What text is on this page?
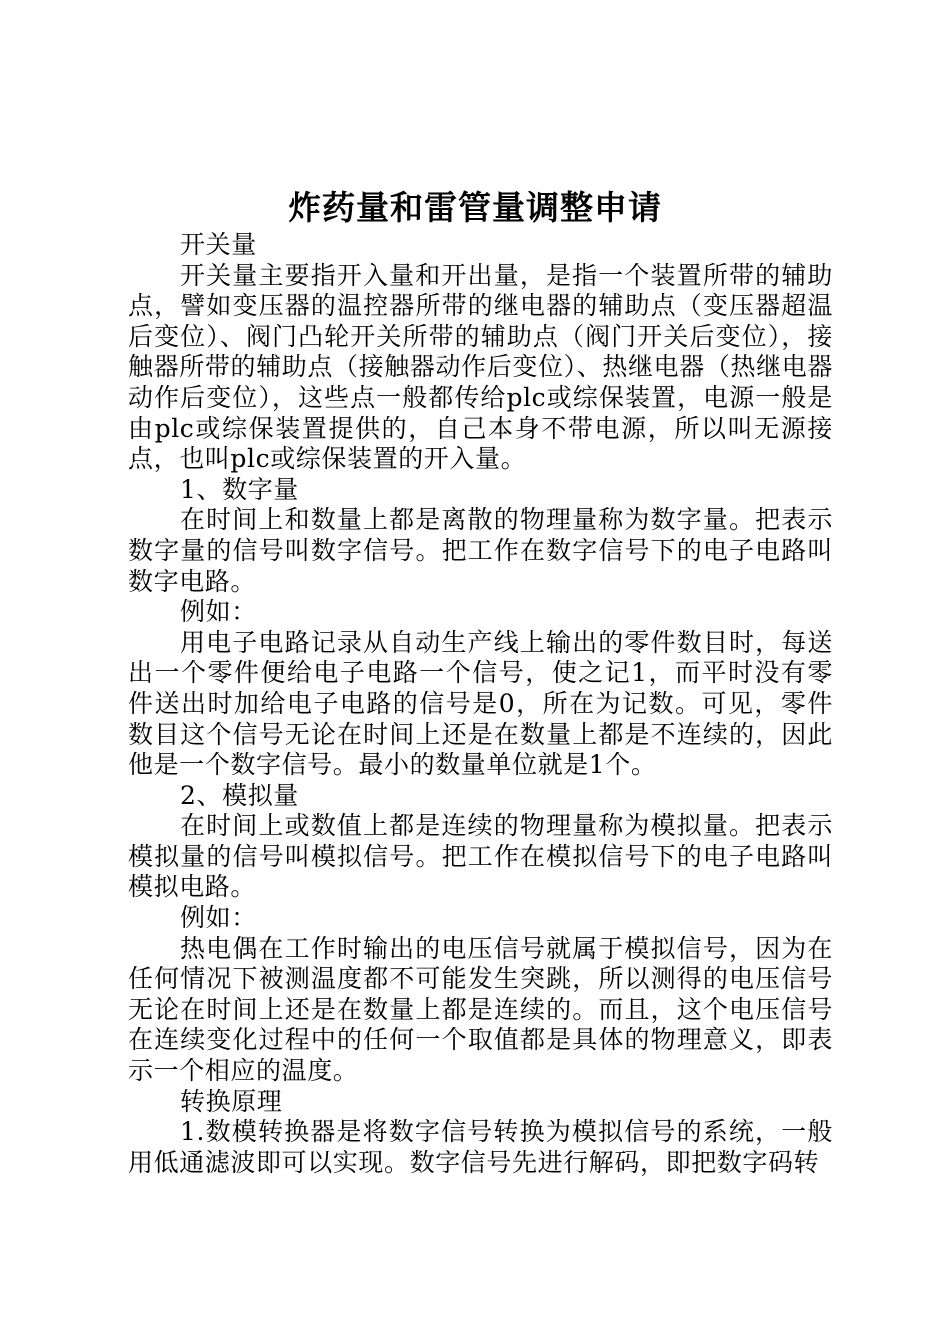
炸药量和雷管量调整申请

开关量

开关量主要指开入量和开出量，是指一个装置所带的辅助点，譬如变压器的温控器所带的继电器的辅助点（变压器超温后变位）、阀门凸轮开关所带的辅助点（阀门开关后变位），接触器所带的辅助点（接触器动作后变位）、热继电器（热继电器动作后变位），这些点一般都传给plc或综保装置，电源一般是由plc或综保装置提供的，自己本身不带电源，所以叫无源接点，也叫plc或综保装置的开入量。

1、数字量

在时间上和数量上都是离散的物理量称为数字量。把表示数字量的信号叫数字信号。把工作在数字信号下的电子电路叫数字电路。

例如：

用电子电路记录从自动生产线上输出的零件数目时，每送出一个零件便给电子电路一个信号，使之记1，而平时没有零件送出时加给电子电路的信号是0，所在为记数。可见，零件数目这个信号无论在时间上还是在数量上都是不连续的，因此他是一个数字信号。最小的数量单位就是1个。

2、模拟量

在时间上或数值上都是连续的物理量称为模拟量。把表示模拟量的信号叫模拟信号。把工作在模拟信号下的电子电路叫模拟电路。

例如：

热电偶在工作时输出的电压信号就属于模拟信号，因为在任何情况下被测温度都不可能发生突跳，所以测得的电压信号无论在时间上还是在数量上都是连续的。而且，这个电压信号在连续变化过程中的任何一个取值都是具体的物理意义，即表示一个相应的温度。

转换原理

1.数模转换器是将数字信号转换为模拟信号的系统，一般用低通滤波即可以实现。数字信号先进行解码，即把数字码转
